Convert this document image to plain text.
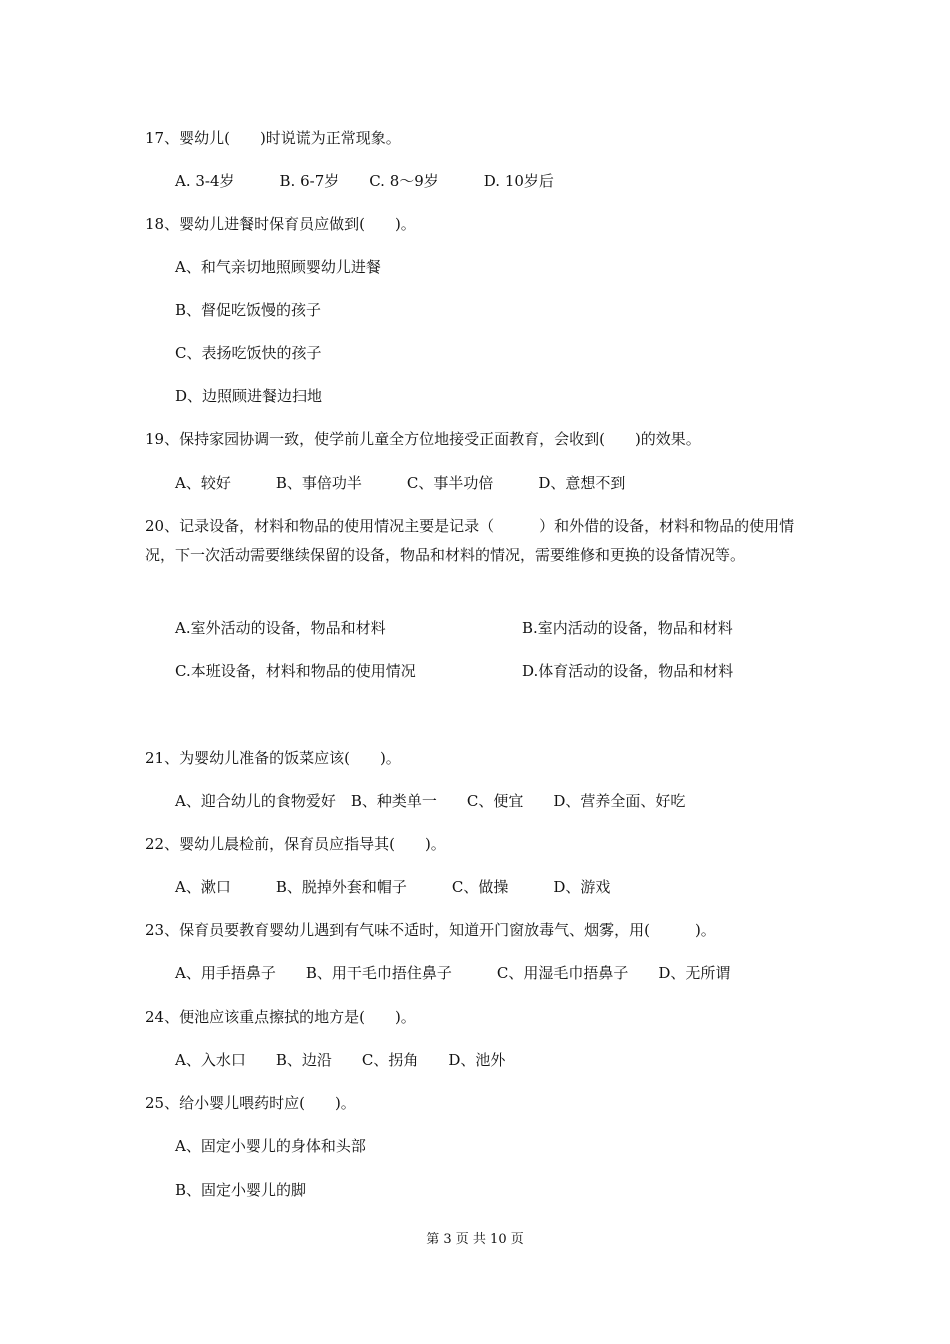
17、婴幼儿(　　)时说谎为正常现象。
A. 3-4岁　　　B. 6-7岁　　C. 8～9岁　　　D. 10岁后
18、婴幼儿进餐时保育员应做到(　　)。
A、和气亲切地照顾婴幼儿进餐
B、督促吃饭慢的孩子
C、表扬吃饭快的孩子
D、边照顾进餐边扫地
19、保持家园协调一致，使学前儿童全方位地接受正面教育，会收到(　　)的效果。
A、较好　　　B、事倍功半　　　C、事半功倍　　　D、意想不到
20、记录设备，材料和物品的使用情况主要是记录（　　　）和外借的设备，材料和物品的使用情况，下一次活动需要继续保留的设备，物品和材料的情况，需要维修和更换的设备情况等。
A.室外活动的设备，物品和材料	B.室内活动的设备，物品和材料
C.本班设备，材料和物品的使用情况	D.体育活动的设备，物品和材料
21、为婴幼儿准备的饭菜应该(　　)。
A、迎合幼儿的食物爱好　B、种类单一　　C、便宜　　D、营养全面、好吃
22、婴幼儿晨检前，保育员应指导其(　　)。
A、漱口　　　B、脱掉外套和帽子　　　C、做操　　　D、游戏
23、保育员要教育婴幼儿遇到有气味不适时，知道开门窗放毒气、烟雾，用(　　　)。
A、用手捂鼻子　　B、用干毛巾捂住鼻子　　　C、用湿毛巾捂鼻子　　D、无所谓
24、便池应该重点擦拭的地方是(　　)。
A、入水口　　B、边沿　　C、拐角　　D、池外
25、给小婴儿喂药时应(　　)。
A、固定小婴儿的身体和头部
B、固定小婴儿的脚
第 3 页 共 10 页
